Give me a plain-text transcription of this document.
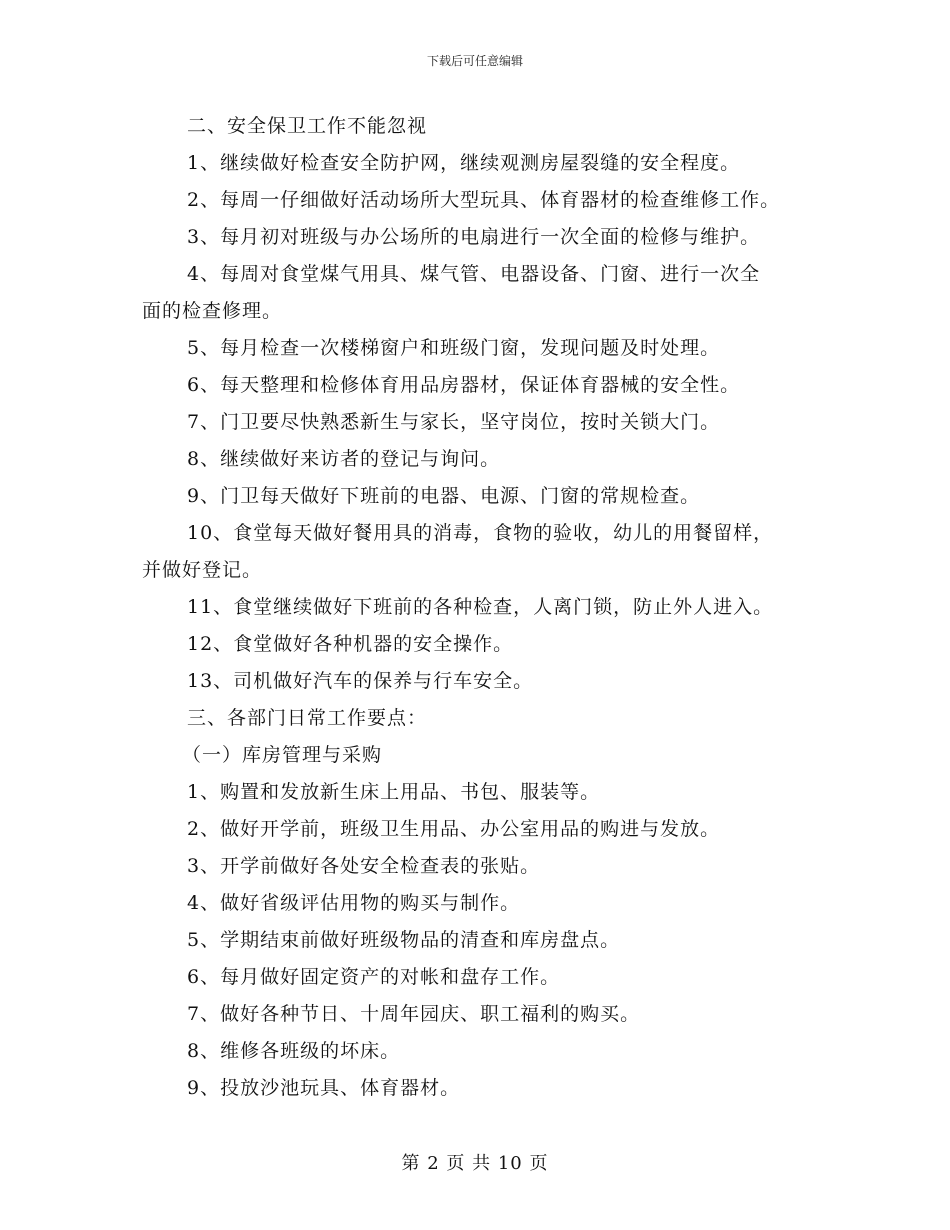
下载后可任意编辑
二、安全保卫工作不能忽视
1、继续做好检查安全防护网，继续观测房屋裂缝的安全程度。
2、每周一仔细做好活动场所大型玩具、体育器材的检查维修工作。
3、每月初对班级与办公场所的电扇进行一次全面的检修与维护。
4、每周对食堂煤气用具、煤气管、电器设备、门窗、进行一次全
面的检查修理。
5、每月检查一次楼梯窗户和班级门窗，发现问题及时处理。
6、每天整理和检修体育用品房器材，保证体育器械的安全性。
7、门卫要尽快熟悉新生与家长，坚守岗位，按时关锁大门。
8、继续做好来访者的登记与询问。
9、门卫每天做好下班前的电器、电源、门窗的常规检查。
10、食堂每天做好餐用具的消毒，食物的验收，幼儿的用餐留样，
并做好登记。
11、食堂继续做好下班前的各种检查，人离门锁，防止外人进入。
12、食堂做好各种机器的安全操作。
13、司机做好汽车的保养与行车安全。
三、各部门日常工作要点：
（一）库房管理与采购
1、购置和发放新生床上用品、书包、服装等。
2、做好开学前，班级卫生用品、办公室用品的购进与发放。
3、开学前做好各处安全检查表的张贴。
4、做好省级评估用物的购买与制作。
5、学期结束前做好班级物品的清查和库房盘点。
6、每月做好固定资产的对帐和盘存工作。
7、做好各种节日、十周年园庆、职工福利的购买。
8、维修各班级的坏床。
9、投放沙池玩具、体育器材。
第 2 页 共 10 页
